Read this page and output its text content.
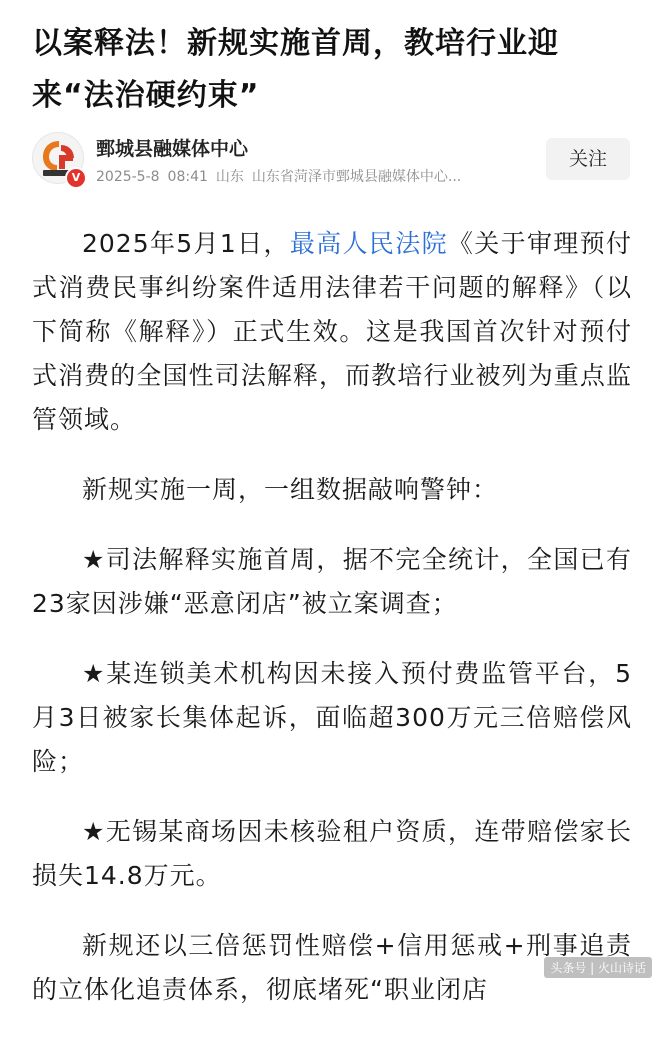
以案释法！新规实施首周，教培行业迎来“法治硬约束”
V
鄄城县融媒体中心
2025-5-8 08:41 山东 山东省菏泽市鄄城县融媒体中心...
关注

2025年5月1日，最高人民法院《关于审理预付式消费民事纠纷案件适用法律若干问题的解释》（以下简称《解释》）正式生效。这是我国首次针对预付式消费的全国性司法解释，而教培行业被列为重点监管领域。

新规实施一周，一组数据敲响警钟：

★司法解释实施首周，据不完全统计，全国已有23家因涉嫌“恶意闭店”被立案调查；

★某连锁美术机构因未接入预付费监管平台，5月3日被家长集体起诉，面临超300万元三倍赔偿风险；

★无锡某商场因未核验租户资质，连带赔偿家长损失14.8万元。

新规还以三倍惩罚性赔偿+信用惩戒+刑事追责的立体化追责体系，彻底堵死“职业闭店

头条号 | 火山诗话
